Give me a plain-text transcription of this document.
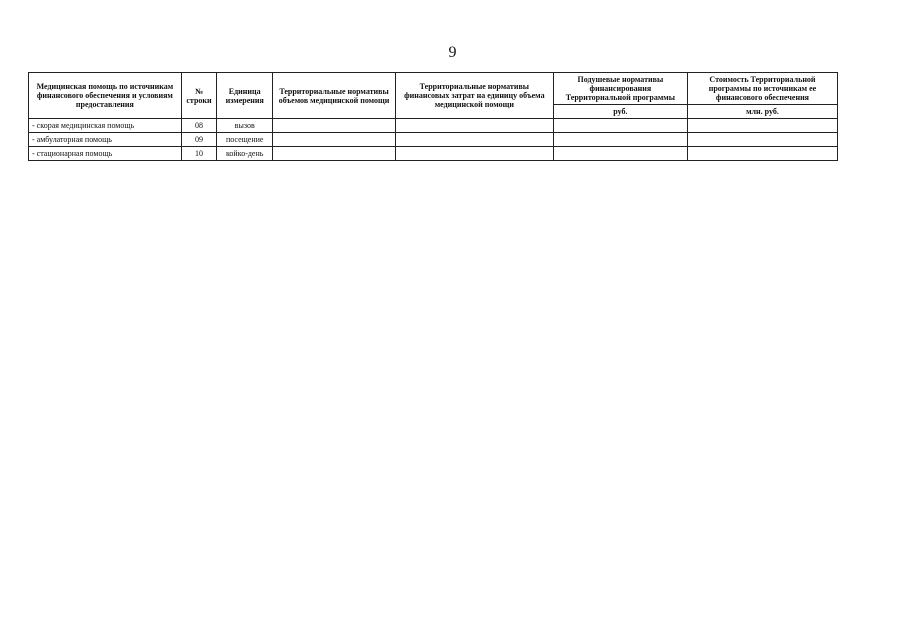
9
Медицинская помощь по источникам финансового обеспечения и условиям предоставления	№ строки	Единица измерения	Территориальные нормативы объемов медицинской помощи	Территориальные нормативы финансовых затрат на единицу объема медицинской помощи	Подушевые нормативы финансирования Территориальной программы	Стоимость Территориальной программы по источникам ее финансового обеспечения
					руб.	млн. руб.
- скорая медицинская помощь	08	вызов				
- амбулаторная помощь	09	посещение				
- стационарная помощь	10	койко-день				
